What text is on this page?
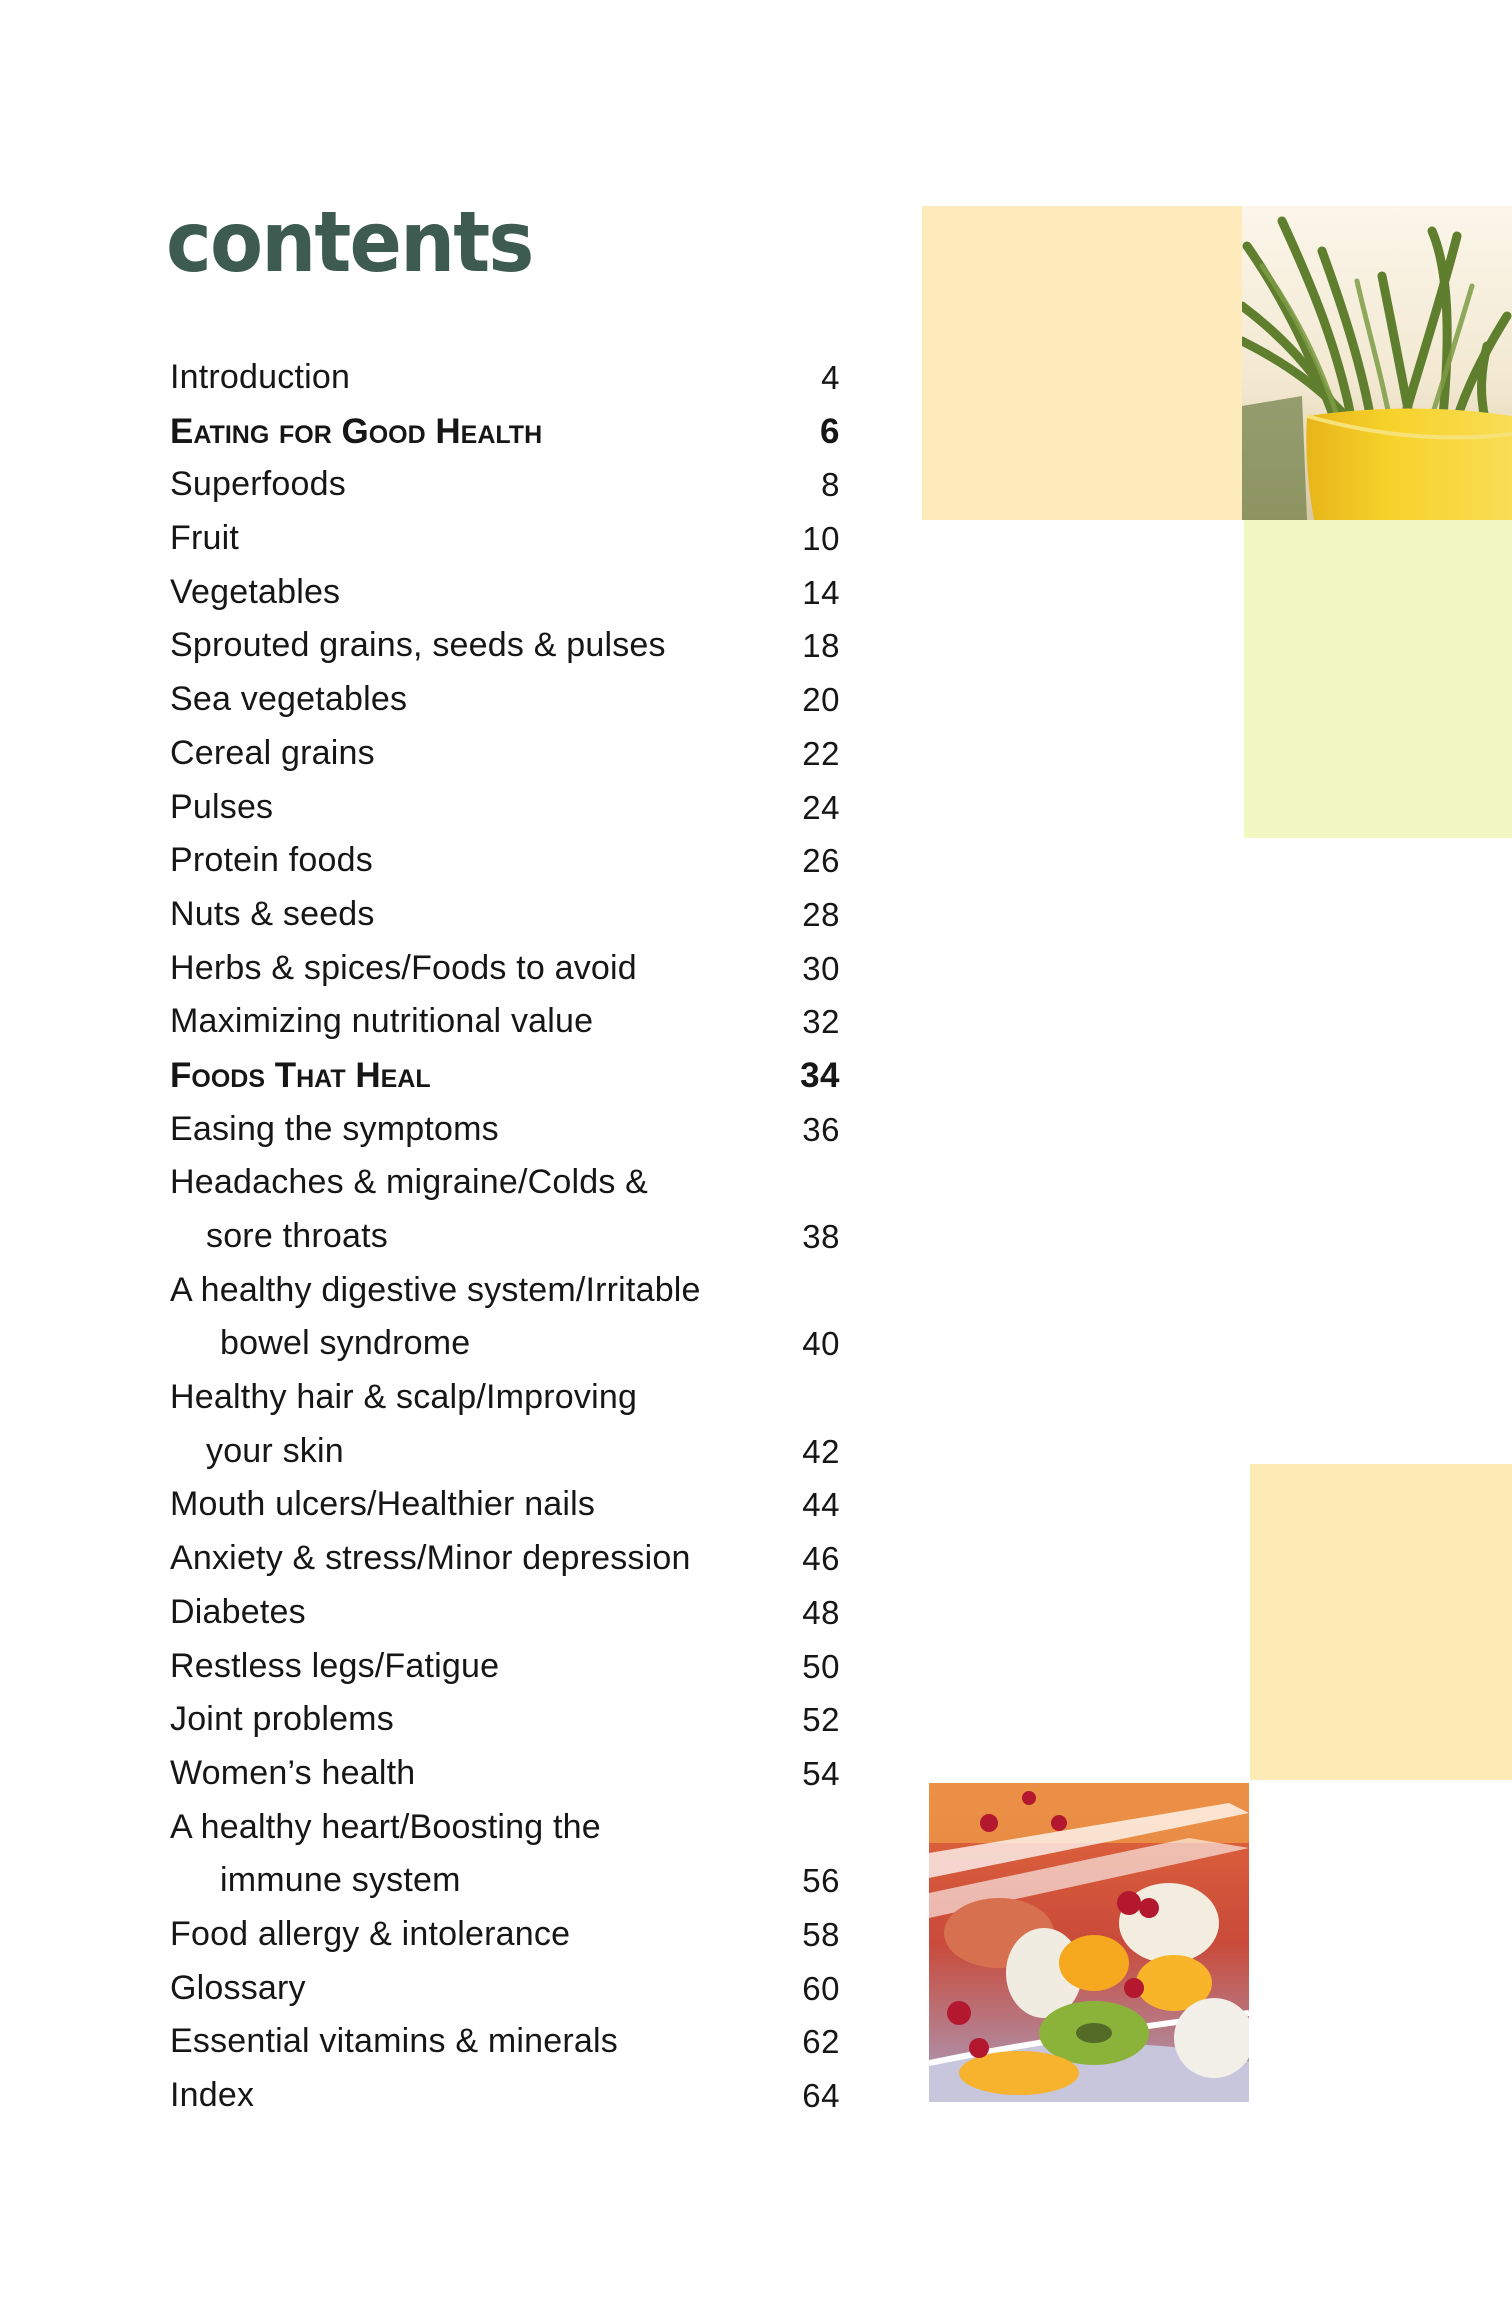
contents
Introduction	4
Eating for Good Health	6
Superfoods	8
Fruit	10
Vegetables	14
Sprouted grains, seeds & pulses	18
Sea vegetables	20
Cereal grains	22
Pulses	24
Protein foods	26
Nuts & seeds	28
Herbs & spices/Foods to avoid	30
Maximizing nutritional value	32
Foods That Heal	34
Easing the symptoms	36
Headaches & migraine/Colds &
sore throats	38
A healthy digestive system/Irritable
bowel syndrome	40
Healthy hair & scalp/Improving
your skin	42
Mouth ulcers/Healthier nails	44
Anxiety & stress/Minor depression	46
Diabetes	48
Restless legs/Fatigue	50
Joint problems	52
Women’s health	54
A healthy heart/Boosting the
immune system	56
Food allergy & intolerance	58
Glossary	60
Essential vitamins & minerals	62
Index	64
